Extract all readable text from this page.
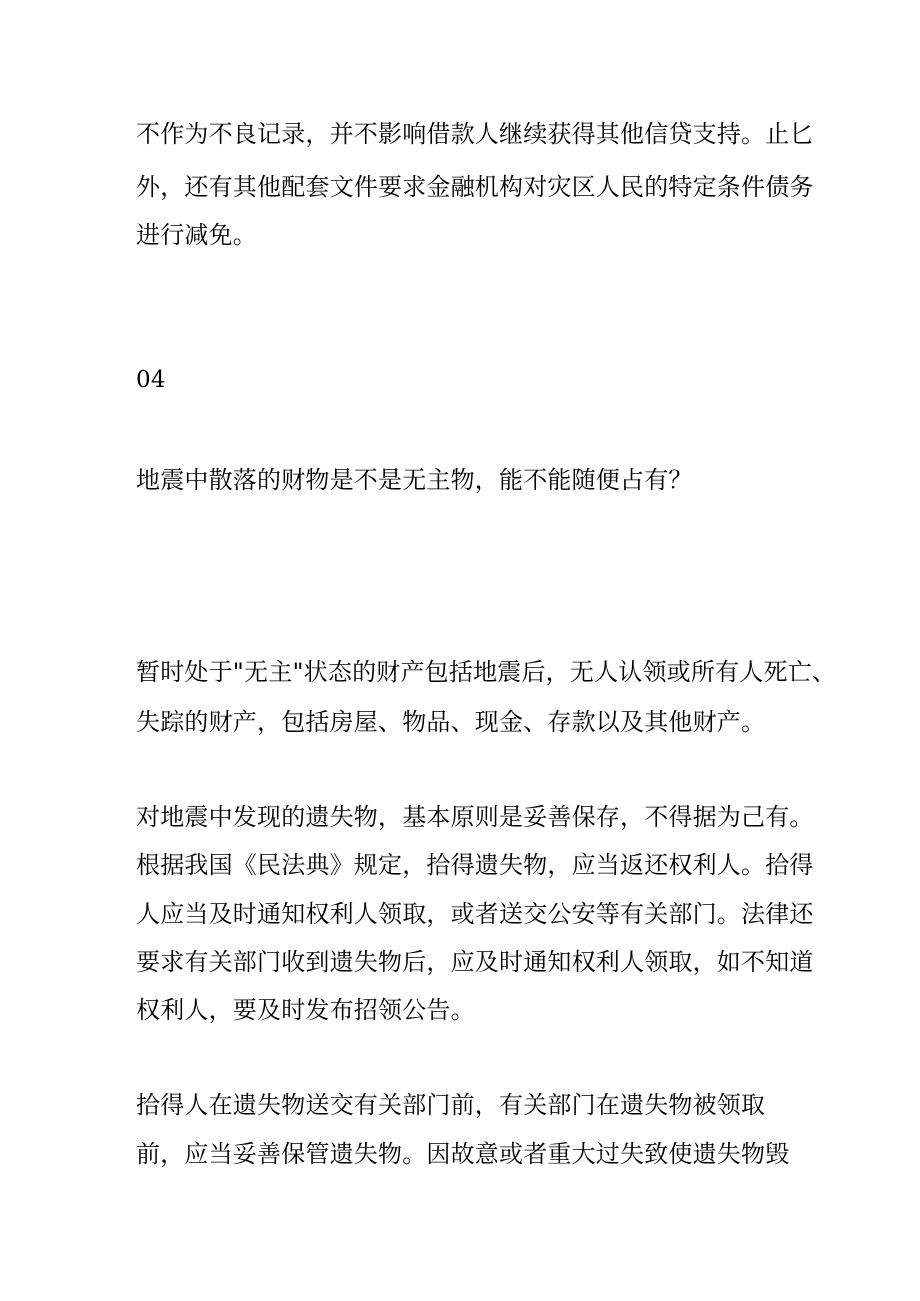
不作为不良记录，并不影响借款人继续获得其他信贷支持。止匕

外，还有其他配套文件要求金融机构对灾区人民的特定条件债务

进行减免。

04

地震中散落的财物是不是无主物，能不能随便占有？

暂时处于"无主"状态的财产包括地震后，无人认领或所有人死亡、

失踪的财产，包括房屋、物品、现金、存款以及其他财产。

对地震中发现的遗失物，基本原则是妥善保存，不得据为己有。

根据我国《民法典》规定，拾得遗失物，应当返还权利人。拾得

人应当及时通知权利人领取，或者送交公安等有关部门。法律还

要求有关部门收到遗失物后，应及时通知权利人领取，如不知道

权利人，要及时发布招领公告。

拾得人在遗失物送交有关部门前，有关部门在遗失物被领取

前，应当妥善保管遗失物。因故意或者重大过失致使遗失物毁
